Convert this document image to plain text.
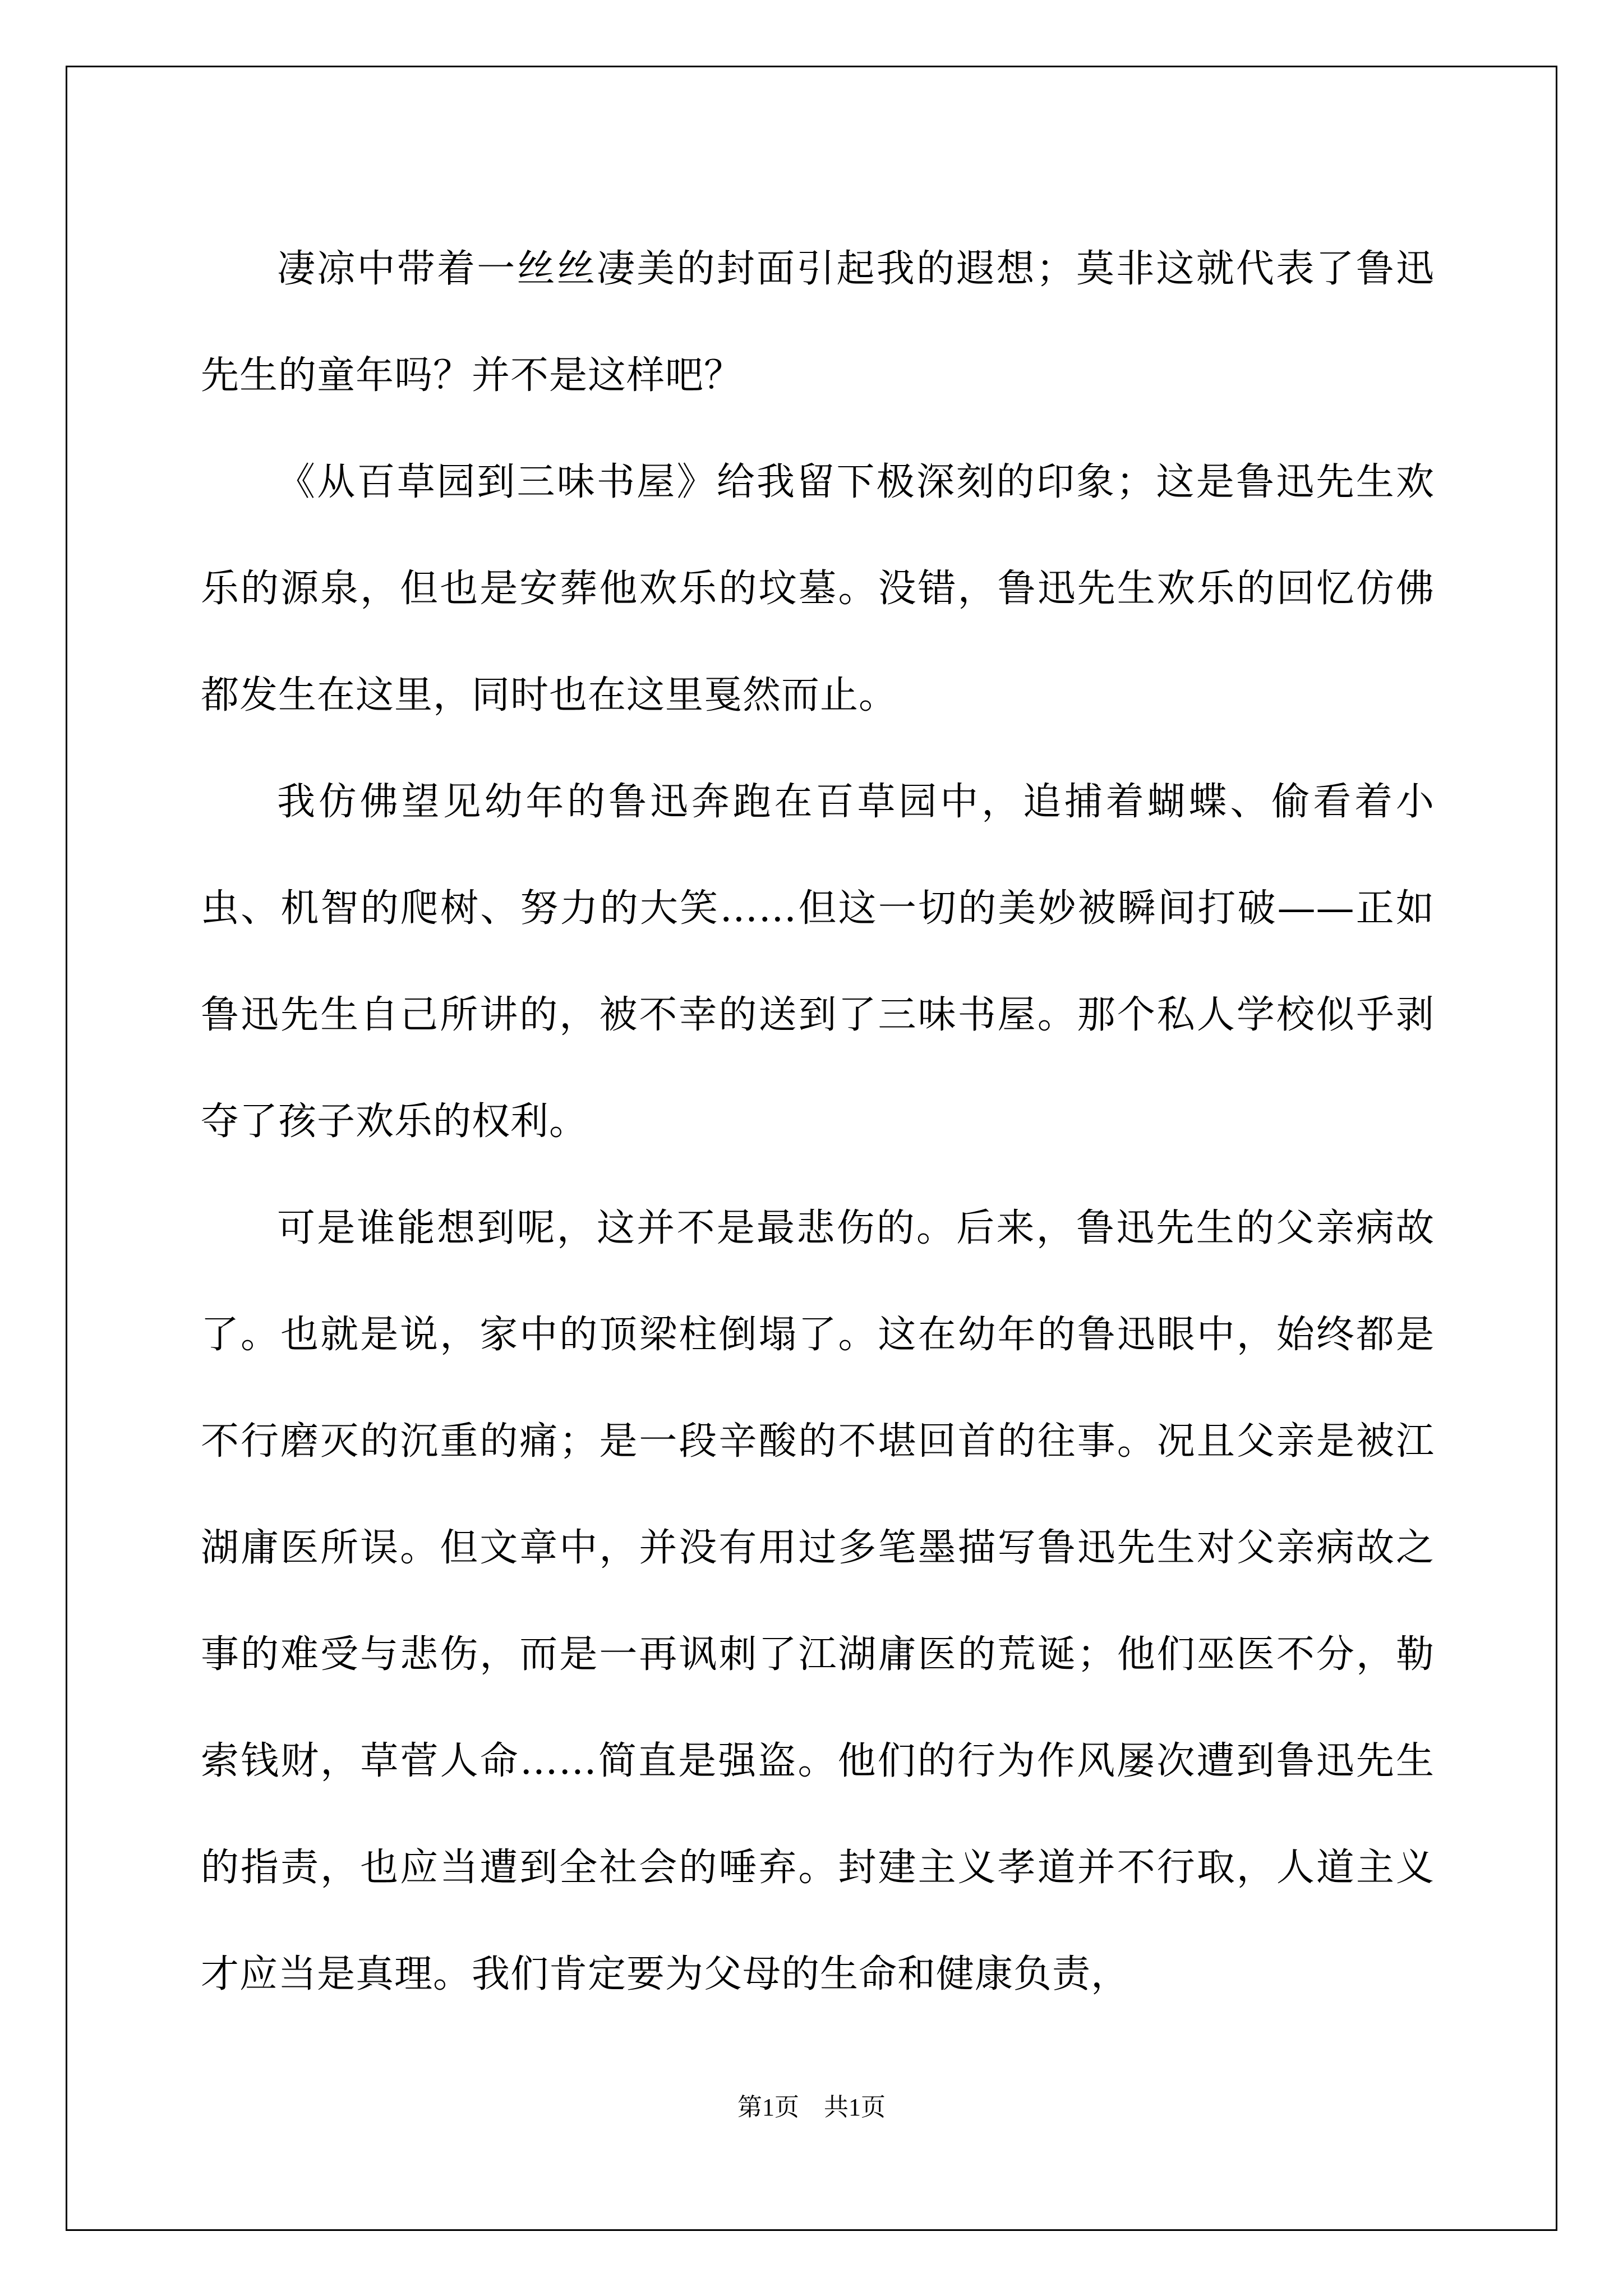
凄凉中带着一丝丝凄美的封面引起我的遐想；莫非这就代表了鲁迅先生的童年吗？并不是这样吧？

《从百草园到三味书屋》给我留下极深刻的印象；这是鲁迅先生欢乐的源泉，但也是安葬他欢乐的坟墓。没错，鲁迅先生欢乐的回忆仿佛都发生在这里，同时也在这里戛然而止。

我仿佛望见幼年的鲁迅奔跑在百草园中，追捕着蝴蝶、偷看着小虫、机智的爬树、努力的大笑……但这一切的美妙被瞬间打破——正如鲁迅先生自己所讲的，被不幸的送到了三味书屋。那个私人学校似乎剥夺了孩子欢乐的权利。

可是谁能想到呢，这并不是最悲伤的。后来，鲁迅先生的父亲病故了。也就是说，家中的顶梁柱倒塌了。这在幼年的鲁迅眼中，始终都是不行磨灭的沉重的痛；是一段辛酸的不堪回首的往事。况且父亲是被江湖庸医所误。但文章中，并没有用过多笔墨描写鲁迅先生对父亲病故之事的难受与悲伤，而是一再讽刺了江湖庸医的荒诞；他们巫医不分，勒索钱财，草菅人命……简直是强盗。他们的行为作风屡次遭到鲁迅先生的指责，也应当遭到全社会的唾弃。封建主义孝道并不行取，人道主义才应当是真理。我们肯定要为父母的生命和健康负责，

第1页　共1页
